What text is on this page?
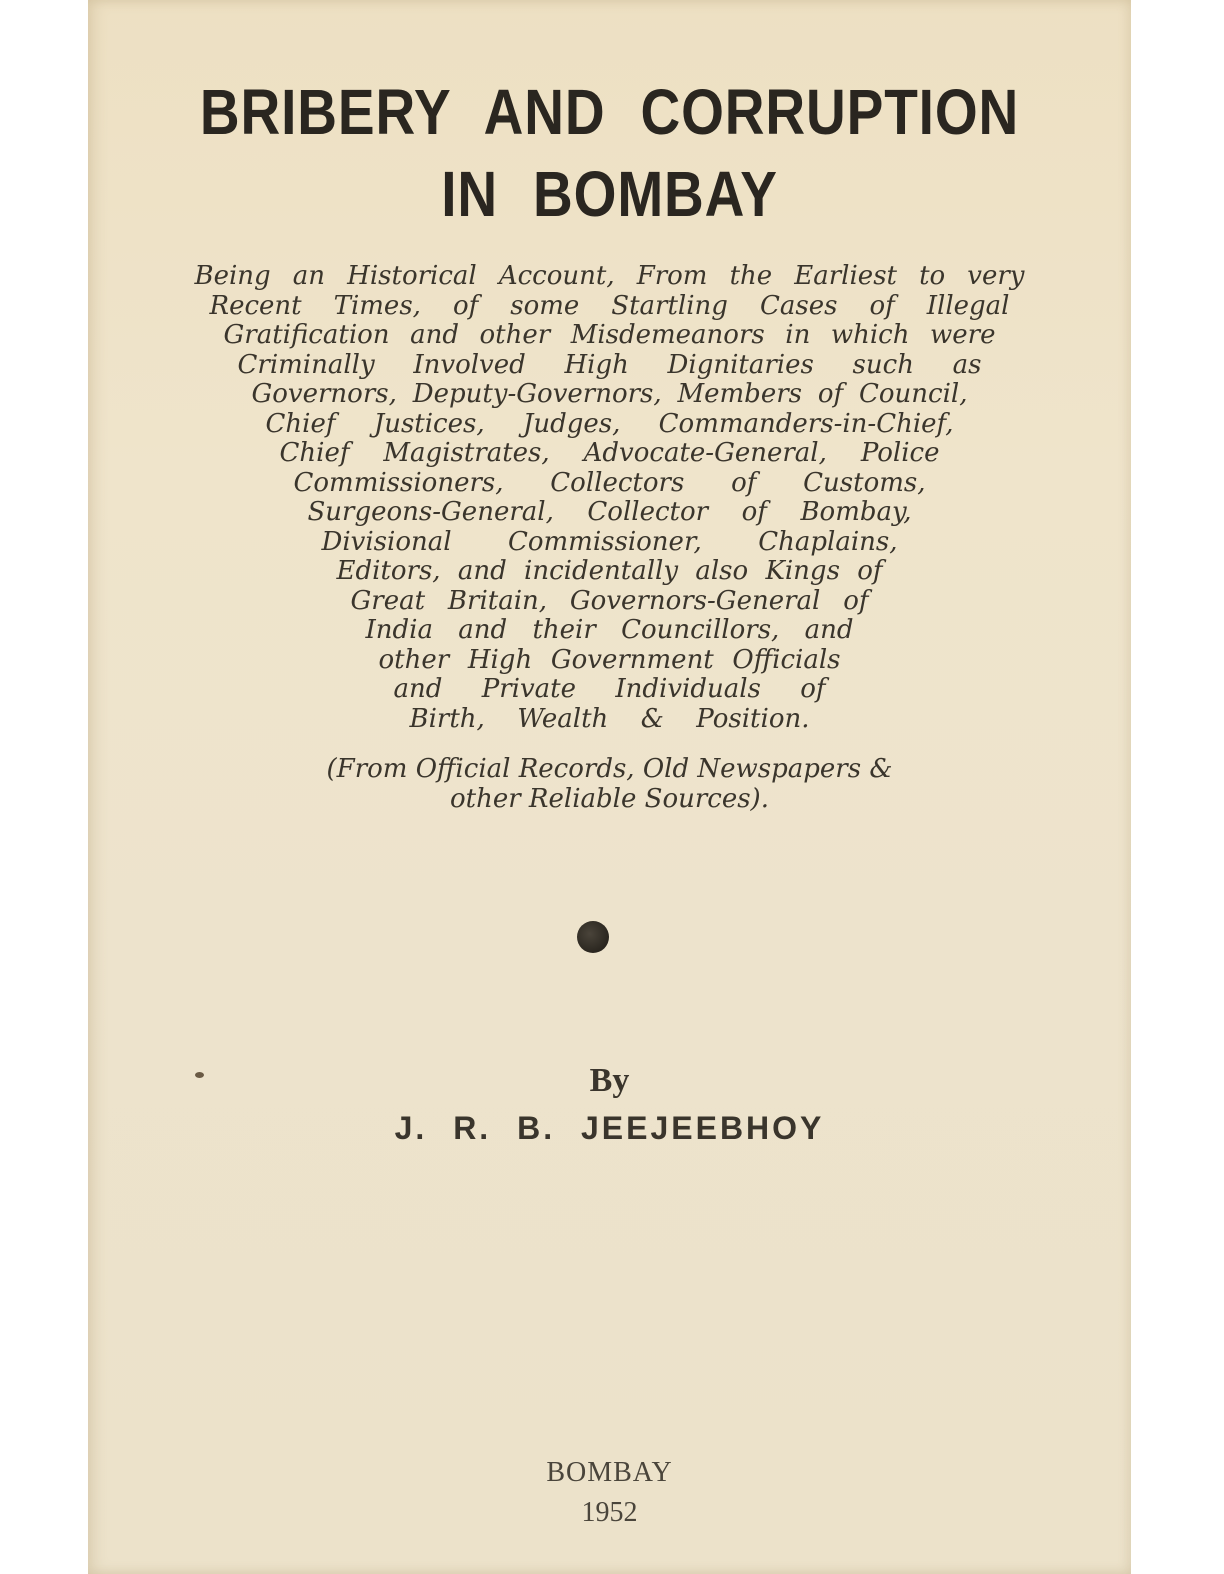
BRIBERY AND CORRUPTION
IN BOMBAY
Being an Historical Account, From the Earliest to very
Recent Times, of some Startling Cases of Illegal
Gratification and other Misdemeanors in which were
Criminally Involved High Dignitaries such as
Governors, Deputy-Governors, Members of Council,
Chief Justices, Judges, Commanders-in-Chief,
Chief Magistrates, Advocate-General, Police
Commissioners, Collectors of Customs,
Surgeons-General, Collector of Bombay,
Divisional Commissioner, Chaplains,
Editors, and incidentally also Kings of
Great Britain, Governors-General of
India and their Councillors, and
other High Government Officials
and Private Individuals of
Birth, Wealth & Position.
(From Official Records, Old Newspapers &
other Reliable Sources).
By
J. R. B. JEEJEEBHOY
BOMBAY
1952
